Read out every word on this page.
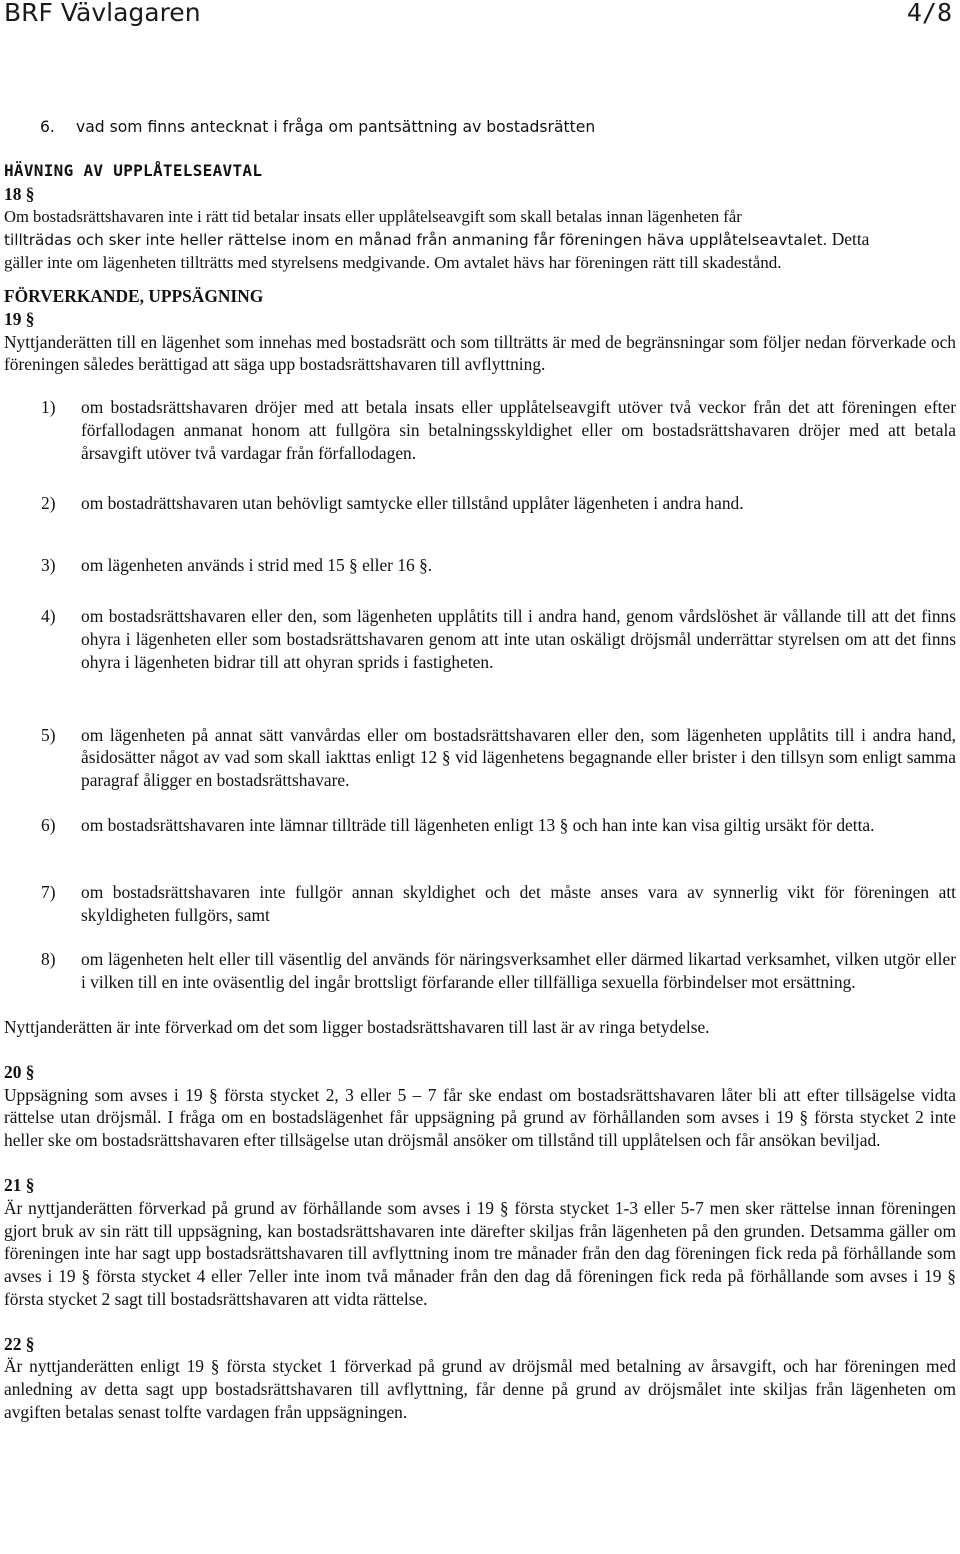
BRF Vävlagaren	4/8
6.	vad som finns antecknat i fråga om pantsättning av bostadsrätten
HÄVNING AV UPPLÅTELSEAVTAL
18 §
Om bostadsrättshavaren inte i rätt tid betalar insats eller upplåtelseavgift som skall betalas innan lägenheten får
tillträdas och sker inte heller rättelse inom en månad från anmaning får föreningen häva upplåtelseavtalet. Detta
gäller inte om lägenheten tillträtts med styrelsens medgivande. Om avtalet hävs har föreningen rätt till skadestånd.
FÖRVERKANDE, UPPSÄGNING
19 §
Nyttjanderätten till en lägenhet som innehas med bostadsrätt och som tillträtts är med de begränsningar som följer nedan förverkade och föreningen således berättigad att säga upp bostadsrättshavaren till avflyttning.
1)	om bostadsrättshavaren dröjer med att betala insats eller upplåtelseavgift utöver två veckor från det att föreningen efter förfallodagen anmanat honom att fullgöra sin betalningsskyldighet eller om bostadsrättshavaren dröjer med att betala årsavgift utöver två vardagar från förfallodagen.
2)	om bostadrättshavaren utan behövligt samtycke eller tillstånd upplåter lägenheten i andra hand.
3)	om lägenheten används i strid med 15 § eller 16 §.
4)	om bostadsrättshavaren eller den, som lägenheten upplåtits till i andra hand, genom vårdslöshet är vållande till att det finns ohyra i lägenheten eller som bostadsrättshavaren genom att inte utan oskäligt dröjsmål underrättar styrelsen om att det finns ohyra i lägenheten bidrar till att ohyran sprids i fastigheten.
5)	om lägenheten på annat sätt vanvårdas eller om bostadsrättshavaren eller den, som lägenheten upplåtits till i andra hand, åsidosätter något av vad som skall iakttas enligt 12 § vid lägenhetens begagnande eller brister i den tillsyn som enligt samma paragraf åligger en bostadsrättshavare.
6)	om bostadsrättshavaren inte lämnar tillträde till lägenheten enligt 13 § och han inte kan visa giltig ursäkt för detta.
7)	om bostadsrättshavaren inte fullgör annan skyldighet och det måste anses vara av synnerlig vikt för föreningen att skyldigheten fullgörs, samt
8)	om lägenheten helt eller till väsentlig del används för näringsverksamhet eller därmed likartad verksamhet, vilken utgör eller i vilken till en inte oväsentlig del ingår brottsligt förfarande eller tillfälliga sexuella förbindelser mot ersättning.
Nyttjanderätten är inte förverkad om det som ligger bostadsrättshavaren till last är av ringa betydelse.
20 §
Uppsägning som avses i 19 § första stycket 2, 3 eller 5 – 7 får ske endast om bostadsrättshavaren låter bli att efter tillsägelse vidta rättelse utan dröjsmål. I fråga om en bostadslägenhet får uppsägning på grund av förhållanden som avses i 19 § första stycket 2 inte heller ske om bostadsrättshavaren efter tillsägelse utan dröjsmål ansöker om tillstånd till upplåtelsen och får ansökan beviljad.
21 §
Är nyttjanderätten förverkad på grund av förhållande som avses i 19 § första stycket 1-3 eller 5-7 men sker rättelse innan föreningen gjort bruk av sin rätt till uppsägning, kan bostadsrättshavaren inte därefter skiljas från lägenheten på den grunden. Detsamma gäller om föreningen inte har sagt upp bostadsrättshavaren till avflyttning inom tre månader från den dag föreningen fick reda på förhållande som avses i 19 § första stycket 4 eller 7eller inte inom två månader från den dag då föreningen fick reda på förhållande som avses i 19 § första stycket 2 sagt till bostadsrättshavaren att vidta rättelse.
22 §
Är nyttjanderätten enligt 19 § första stycket 1 förverkad på grund av dröjsmål med betalning av årsavgift, och har föreningen med anledning av detta sagt upp bostadsrättshavaren till avflyttning, får denne på grund av dröjsmålet inte skiljas från lägenheten om avgiften betalas senast tolfte vardagen från uppsägningen.
